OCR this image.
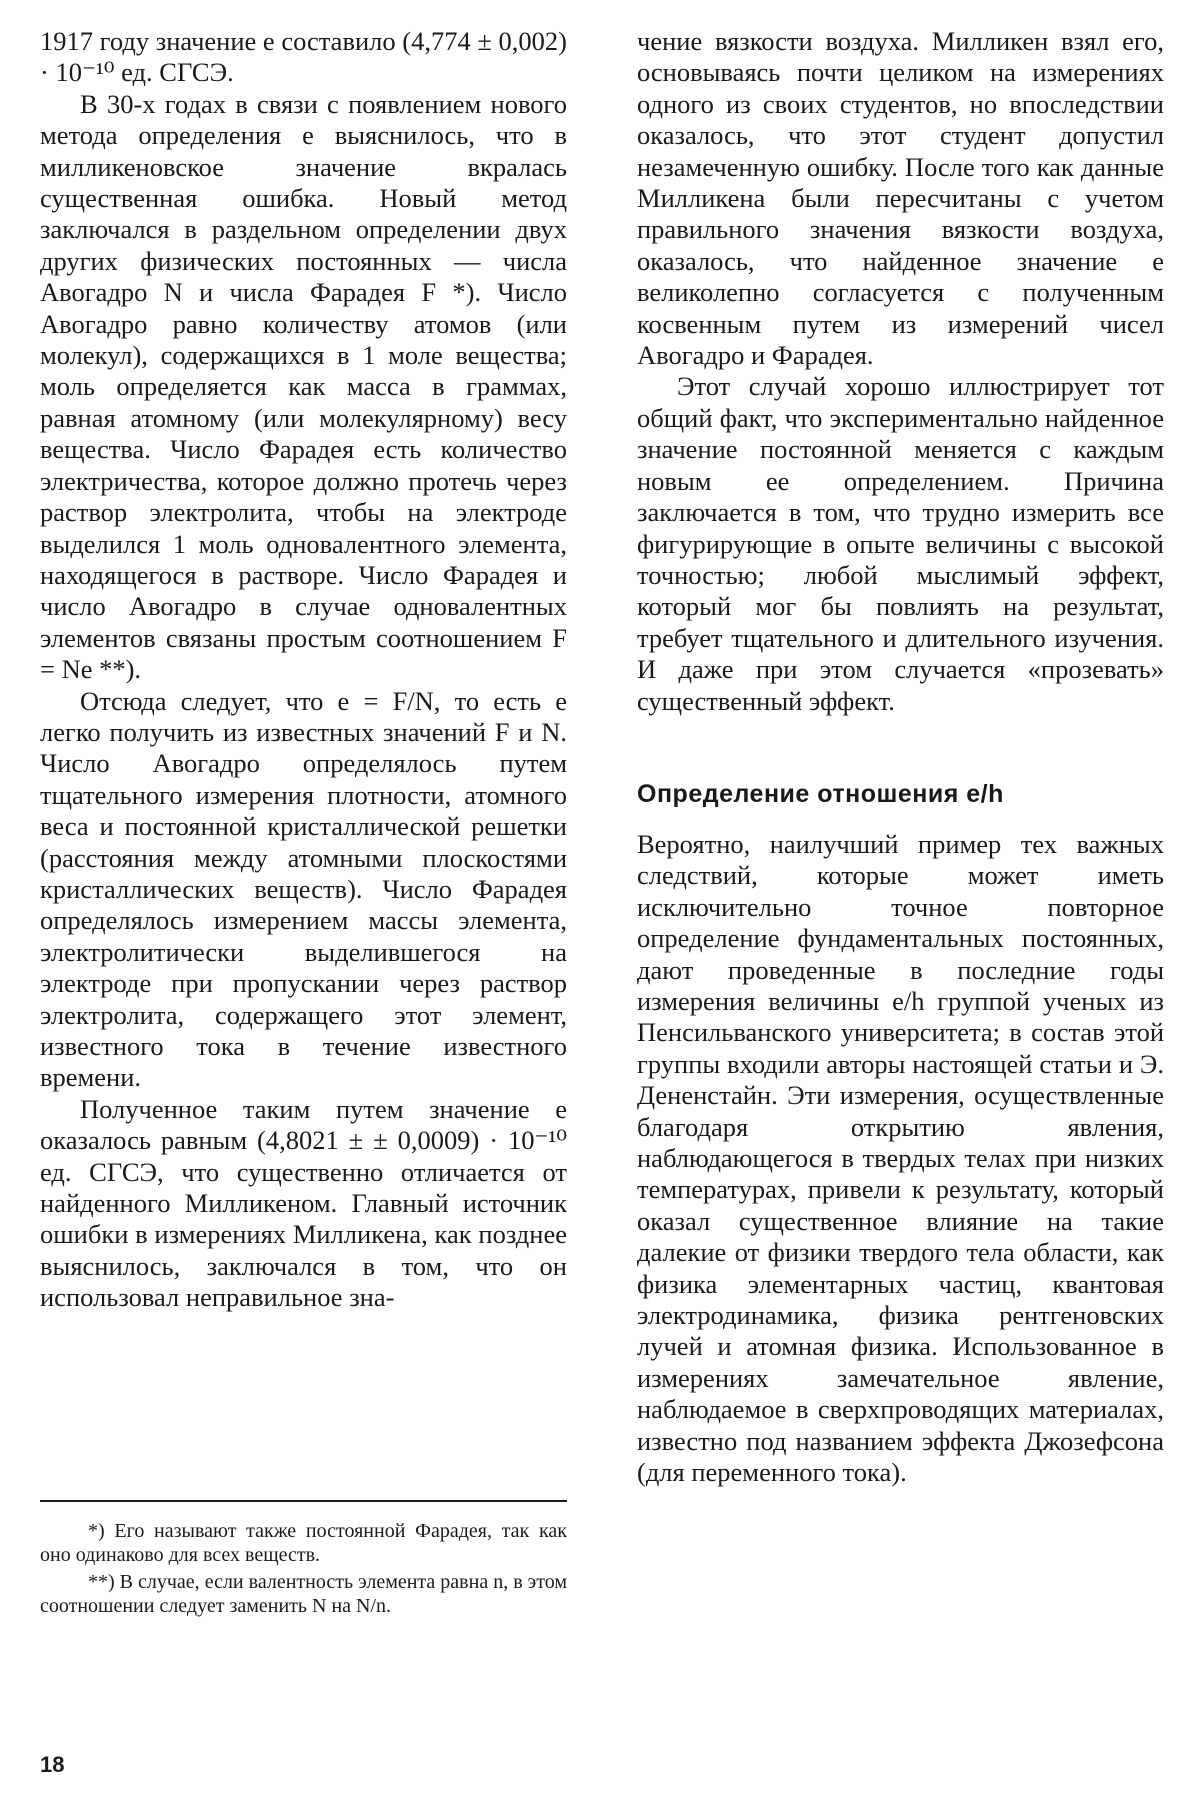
1917 году значение e составило (4,774 ± 0,002) · 10⁻¹⁰ ед. СГСЭ.

В 30-х годах в связи с появлением нового метода определения e выяснилось, что в милликеновское значение вкралась существенная ошибка. Новый метод заключался в раздельном определении двух других физических постоянных — числа Авогадро N и числа Фарадея F *). Число Авогадро равно количеству атомов (или молекул), содержащихся в 1 моле вещества; моль определяется как масса в граммах, равная атомному (или молекулярному) весу вещества. Число Фарадея есть количество электричества, которое должно протечь через раствор электролита, чтобы на электроде выделился 1 моль одновалентного элемента, находящегося в растворе. Число Фарадея и число Авогадро в случае одновалентных элементов связаны простым соотношением F = Ne **).

Отсюда следует, что e = F/N, то есть e легко получить из известных значений F и N. Число Авогадро определялось путем тщательного измерения плотности, атомного веса и постоянной кристаллической решетки (расстояния между атомными плоскостями кристаллических веществ). Число Фарадея определялось измерением массы элемента, электролитически выделившегося на электроде при пропускании через раствор электролита, содержащего этот элемент, известного тока в течение известного времени.

Полученное таким путем значение e оказалось равным (4,8021 ± ± 0,0009) · 10⁻¹⁰ ед. СГСЭ, что существенно отличается от найденного Милликеном. Главный источник ошибки в измерениях Милликена, как позднее выяснилось, заключался в том, что он использовал неправильное зна-

чение вязкости воздуха. Милликен взял его, основываясь почти целиком на измерениях одного из своих студентов, но впоследствии оказалось, что этот студент допустил незамеченную ошибку. После того как данные Милликена были пересчитаны с учетом правильного значения вязкости воздуха, оказалось, что найденное значение e великолепно согласуется с полученным косвенным путем из измерений чисел Авогадро и Фарадея.

Этот случай хорошо иллюстрирует тот общий факт, что экспериментально найденное значение постоянной меняется с каждым новым ее определением. Причина заключается в том, что трудно измерить все фигурирующие в опыте величины с высокой точностью; любой мыслимый эффект, который мог бы повлиять на результат, требует тщательного и длительного изучения. И даже при этом случается «прозевать» существенный эффект.

Определение отношения e/h

Вероятно, наилучший пример тех важных следствий, которые может иметь исключительно точное повторное определение фундаментальных постоянных, дают проведенные в последние годы измерения величины e/h группой ученых из Пенсильванского университета; в состав этой группы входили авторы настоящей статьи и Э. Дененстайн. Эти измерения, осуществленные благодаря открытию явления, наблюдающегося в твердых телах при низких температурах, привели к результату, который оказал существенное влияние на такие далекие от физики твердого тела области, как физика элементарных частиц, квантовая электродинамика, физика рентгеновских лучей и атомная физика. Использованное в измерениях замечательное явление, наблюдаемое в сверхпроводящих материалах, известно под названием эффекта Джозефсона (для переменного тока).

*) Его называют также постоянной Фарадея, так как оно одинаково для всех веществ.

**) В случае, если валентность элемента равна n, в этом соотношении следует заменить N на N/n.

18
